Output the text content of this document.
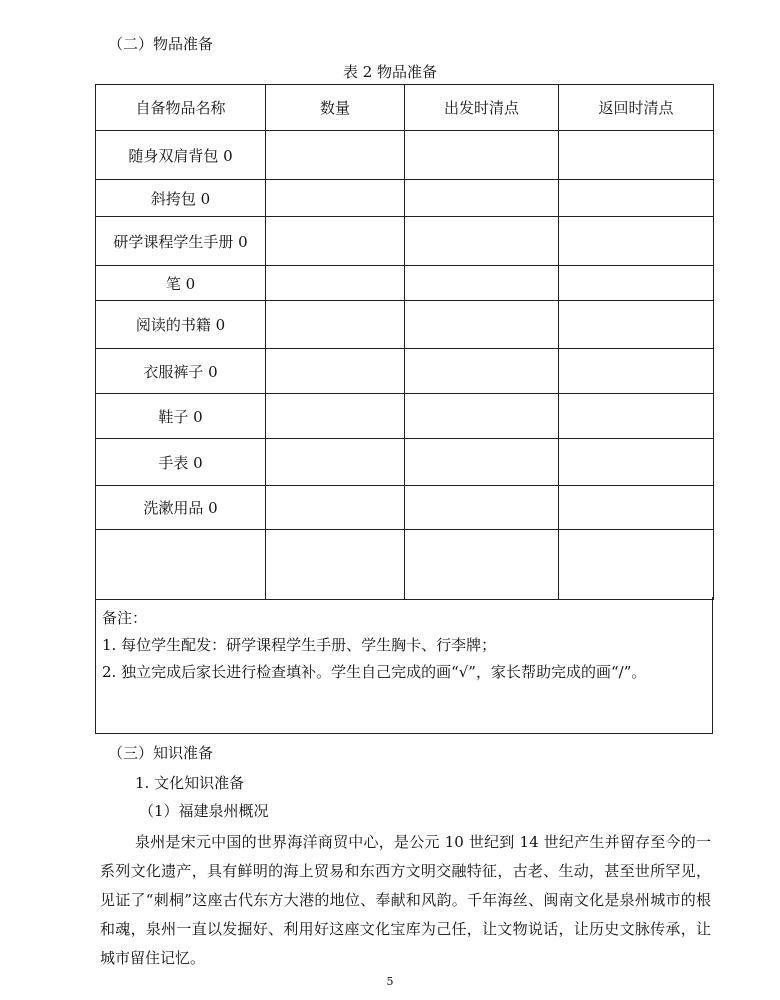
（二）物品准备
表 2 物品准备
自备物品名称	数量	出发时清点	返回时清点
随身双肩背包 0			
斜挎包 0			
研学课程学生手册 0			
笔 0			
阅读的书籍 0			
衣服裤子 0			
鞋子 0			
手表 0			
洗漱用品 0			

备注：
1. 每位学生配发：研学课程学生手册、学生胸卡、行李牌；
2. 独立完成后家长进行检查填补。学生自己完成的画“√”，家长帮助完成的画“/”。
（三）知识准备
1. 文化知识准备
（1）福建泉州概况
泉州是宋元中国的世界海洋商贸中心，是公元 10 世纪到 14 世纪产生并留存至今的一系列文化遗产，具有鲜明的海上贸易和东西方文明交融特征，古老、生动，甚至世所罕见，见证了“刺桐”这座古代东方大港的地位、奉献和风韵。千年海丝、闽南文化是泉州城市的根和魂，泉州一直以发掘好、利用好这座文化宝库为己任，让文物说话，让历史文脉传承，让城市留住记忆。
5
